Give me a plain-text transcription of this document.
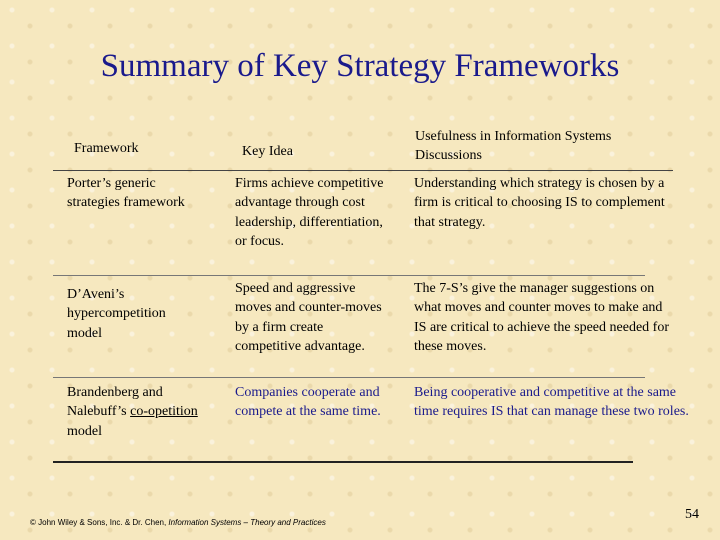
Summary of Key Strategy Frameworks
Framework	Key Idea
Usefulness in Information Systems Discussions
Porter’s generic strategies framework
Firms achieve competitive advantage through cost leadership, differentiation, or focus.
Understanding which strategy is chosen by a firm is critical to choosing IS to complement that strategy.
D’Aveni’s hypercompetition model
Speed and aggressive moves and counter-moves by a firm create competitive advantage.
The 7-S’s give the manager suggestions on what moves and counter moves to make and IS are critical to achieve the speed needed for these moves.
Brandenberg and Nalebuff’s co-opetition model
Companies cooperate and compete at the same time.
Being cooperative and competitive at the same time requires IS that can manage these two roles.
© John Wiley & Sons, Inc. & Dr. Chen, Information Systems – Theory and Practices
54
